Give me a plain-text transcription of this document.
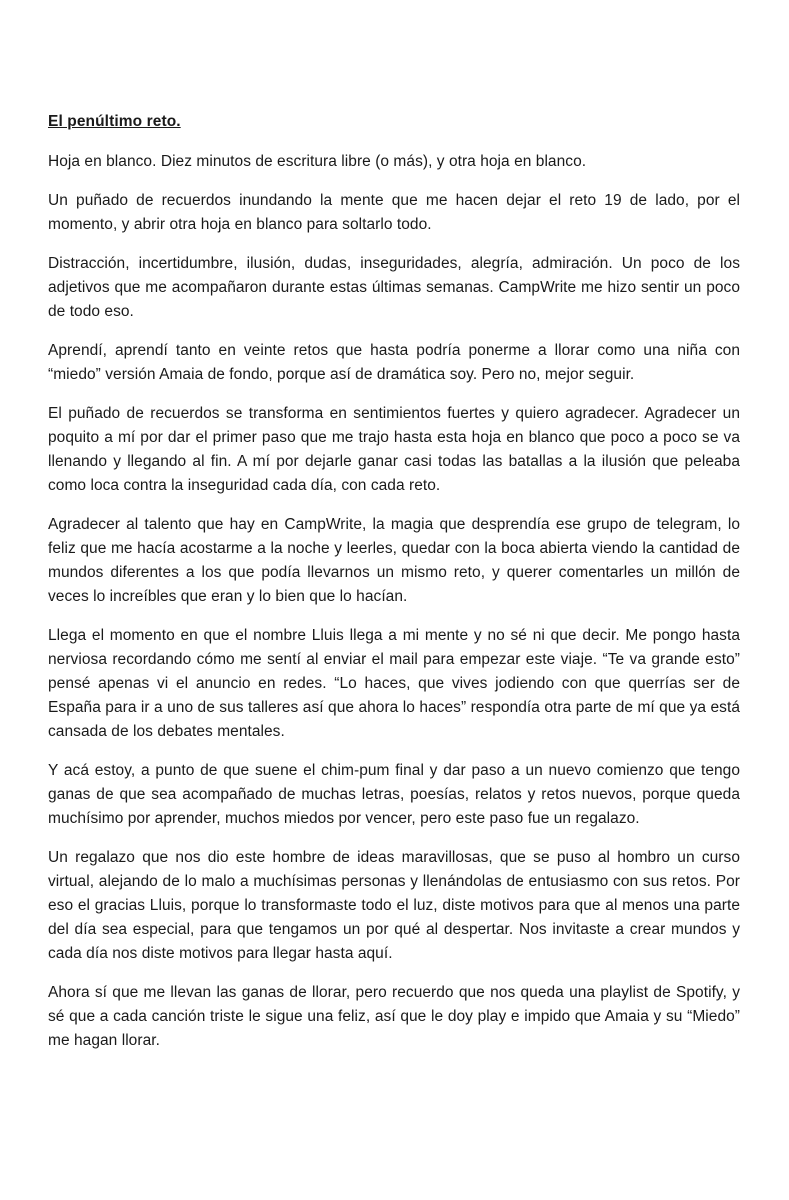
El penúltimo reto.

Hoja en blanco. Diez minutos de escritura libre (o más), y otra hoja en blanco.

Un puñado de recuerdos inundando la mente que me hacen dejar el reto 19 de lado, por el momento, y abrir otra hoja en blanco para soltarlo todo.

Distracción, incertidumbre, ilusión, dudas, inseguridades, alegría, admiración. Un poco de los adjetivos que me acompañaron durante estas últimas semanas. CampWrite me hizo sentir un poco de todo eso.

Aprendí, aprendí tanto en veinte retos que hasta podría ponerme a llorar como una niña con “miedo” versión Amaia de fondo, porque así de dramática soy. Pero no, mejor seguir.

El puñado de recuerdos se transforma en sentimientos fuertes y quiero agradecer. Agradecer un poquito a mí por dar el primer paso que me trajo hasta esta hoja en blanco que poco a poco se va llenando y llegando al fin. A mí por dejarle ganar casi todas las batallas a la ilusión que peleaba como loca contra la inseguridad cada día, con cada reto.

Agradecer al talento que hay en CampWrite, la magia que desprendía ese grupo de telegram, lo feliz que me hacía acostarme a la noche y leerles, quedar con la boca abierta viendo la cantidad de mundos diferentes a los que podía llevarnos un mismo reto, y querer comentarles un millón de veces lo increíbles que eran y lo bien que lo hacían.

Llega el momento en que el nombre Lluis llega a mi mente y no sé ni que decir. Me pongo hasta nerviosa recordando cómo me sentí al enviar el mail para empezar este viaje. “Te va grande esto” pensé apenas vi el anuncio en redes. “Lo haces, que vives jodiendo con que querrías ser de España para ir a uno de sus talleres así que ahora lo haces” respondía otra parte de mí que ya está cansada de los debates mentales.

Y acá estoy, a punto de que suene el chim-pum final y dar paso a un nuevo comienzo que tengo ganas de que sea acompañado de muchas letras, poesías, relatos y retos nuevos, porque queda muchísimo por aprender, muchos miedos por vencer, pero este paso fue un regalazo.

Un regalazo que nos dio este hombre de ideas maravillosas, que se puso al hombro un curso virtual, alejando de lo malo a muchísimas personas y llenándolas de entusiasmo con sus retos. Por eso el gracias Lluis, porque lo transformaste todo el luz, diste motivos para que al menos una parte del día sea especial, para que tengamos un por qué al despertar. Nos invitaste a crear mundos y cada día nos diste motivos para llegar hasta aquí.

Ahora sí que me llevan las ganas de llorar, pero recuerdo que nos queda una playlist de Spotify, y sé que a cada canción triste le sigue una feliz, así que le doy play e impido que Amaia y su “Miedo” me hagan llorar.
